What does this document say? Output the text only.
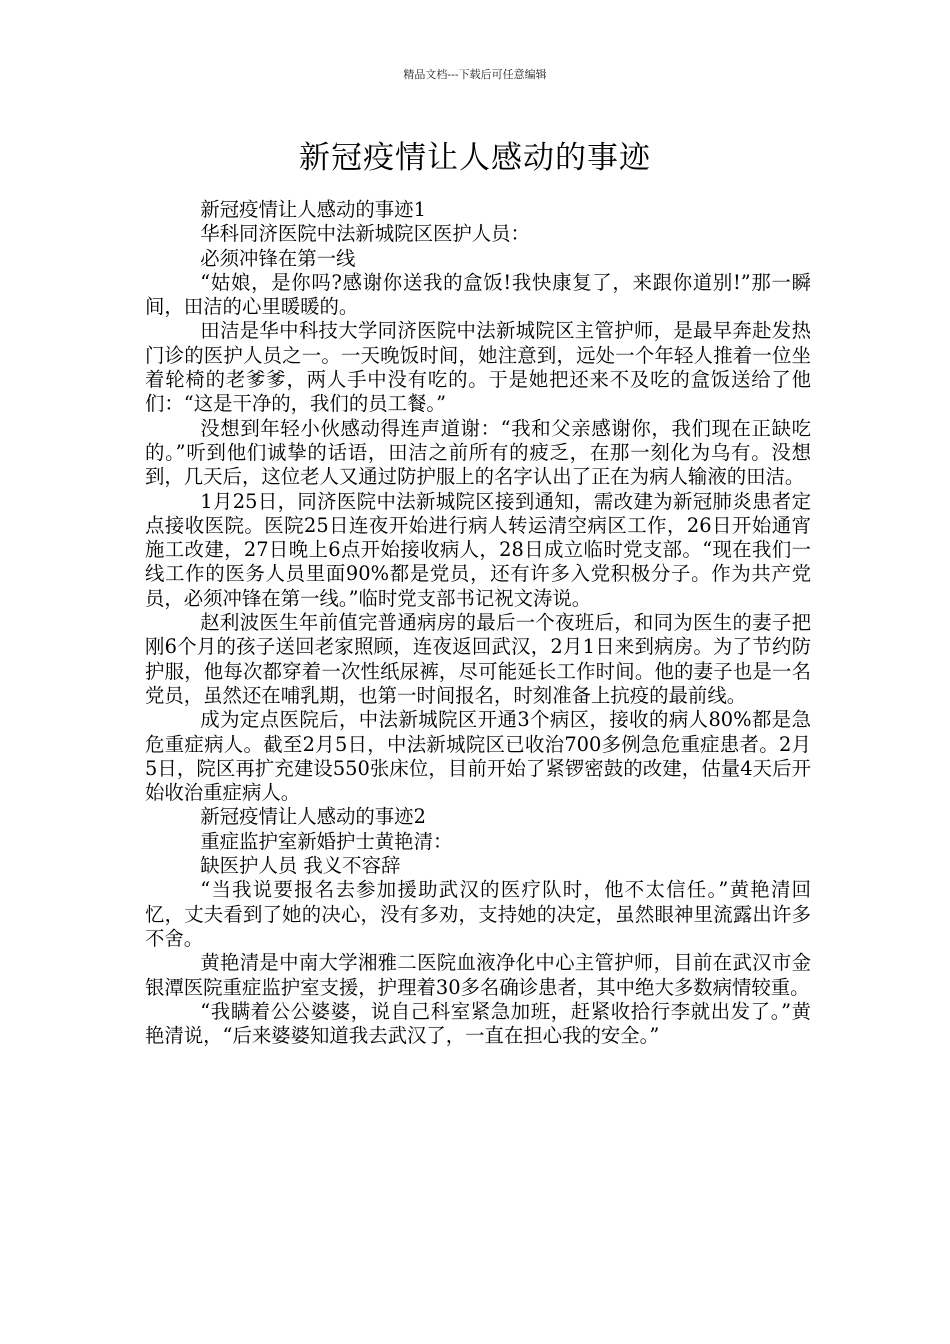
精品文档---下载后可任意编辑
新冠疫情让人感动的事迹

新冠疫情让人感动的事迹1

华科同济医院中法新城院区医护人员：

必须冲锋在第一线

“姑娘，是你吗?感谢你送我的盒饭!我快康复了，来跟你道别!”那一瞬间，田洁的心里暖暖的。

田洁是华中科技大学同济医院中法新城院区主管护师，是最早奔赴发热门诊的医护人员之一。一天晚饭时间，她注意到，远处一个年轻人推着一位坐着轮椅的老爹爹，两人手中没有吃的。于是她把还来不及吃的盒饭送给了他们：“这是干净的，我们的员工餐。”

没想到年轻小伙感动得连声道谢：“我和父亲感谢你，我们现在正缺吃的。”听到他们诚挚的话语，田洁之前所有的疲乏，在那一刻化为乌有。没想到，几天后，这位老人又通过防护服上的名字认出了正在为病人输液的田洁。

1月25日，同济医院中法新城院区接到通知，需改建为新冠肺炎患者定点接收医院。医院25日连夜开始进行病人转运清空病区工作，26日开始通宵施工改建，27日晚上6点开始接收病人，28日成立临时党支部。“现在我们一线工作的医务人员里面90%都是党员，还有许多入党积极分子。作为共产党员，必须冲锋在第一线。”临时党支部书记祝文涛说。

赵利波医生年前值完普通病房的最后一个夜班后，和同为医生的妻子把刚6个月的孩子送回老家照顾，连夜返回武汉，2月1日来到病房。为了节约防护服，他每次都穿着一次性纸尿裤，尽可能延长工作时间。他的妻子也是一名党员，虽然还在哺乳期，也第一时间报名，时刻准备上抗疫的最前线。

成为定点医院后，中法新城院区开通3个病区，接收的病人80%都是急危重症病人。截至2月5日，中法新城院区已收治700多例急危重症患者。2月5日，院区再扩充建设550张床位，目前开始了紧锣密鼓的改建，估量4天后开始收治重症病人。

新冠疫情让人感动的事迹2

重症监护室新婚护士黄艳清：

缺医护人员 我义不容辞

“当我说要报名去参加援助武汉的医疗队时，他不太信任。”黄艳清回忆，丈夫看到了她的决心，没有多劝，支持她的决定，虽然眼神里流露出许多不舍。

黄艳清是中南大学湘雅二医院血液净化中心主管护师，目前在武汉市金银潭医院重症监护室支援，护理着30多名确诊患者，其中绝大多数病情较重。

“我瞒着公公婆婆，说自己科室紧急加班，赶紧收拾行李就出发了。”黄艳清说，“后来婆婆知道我去武汉了，一直在担心我的安全。”
